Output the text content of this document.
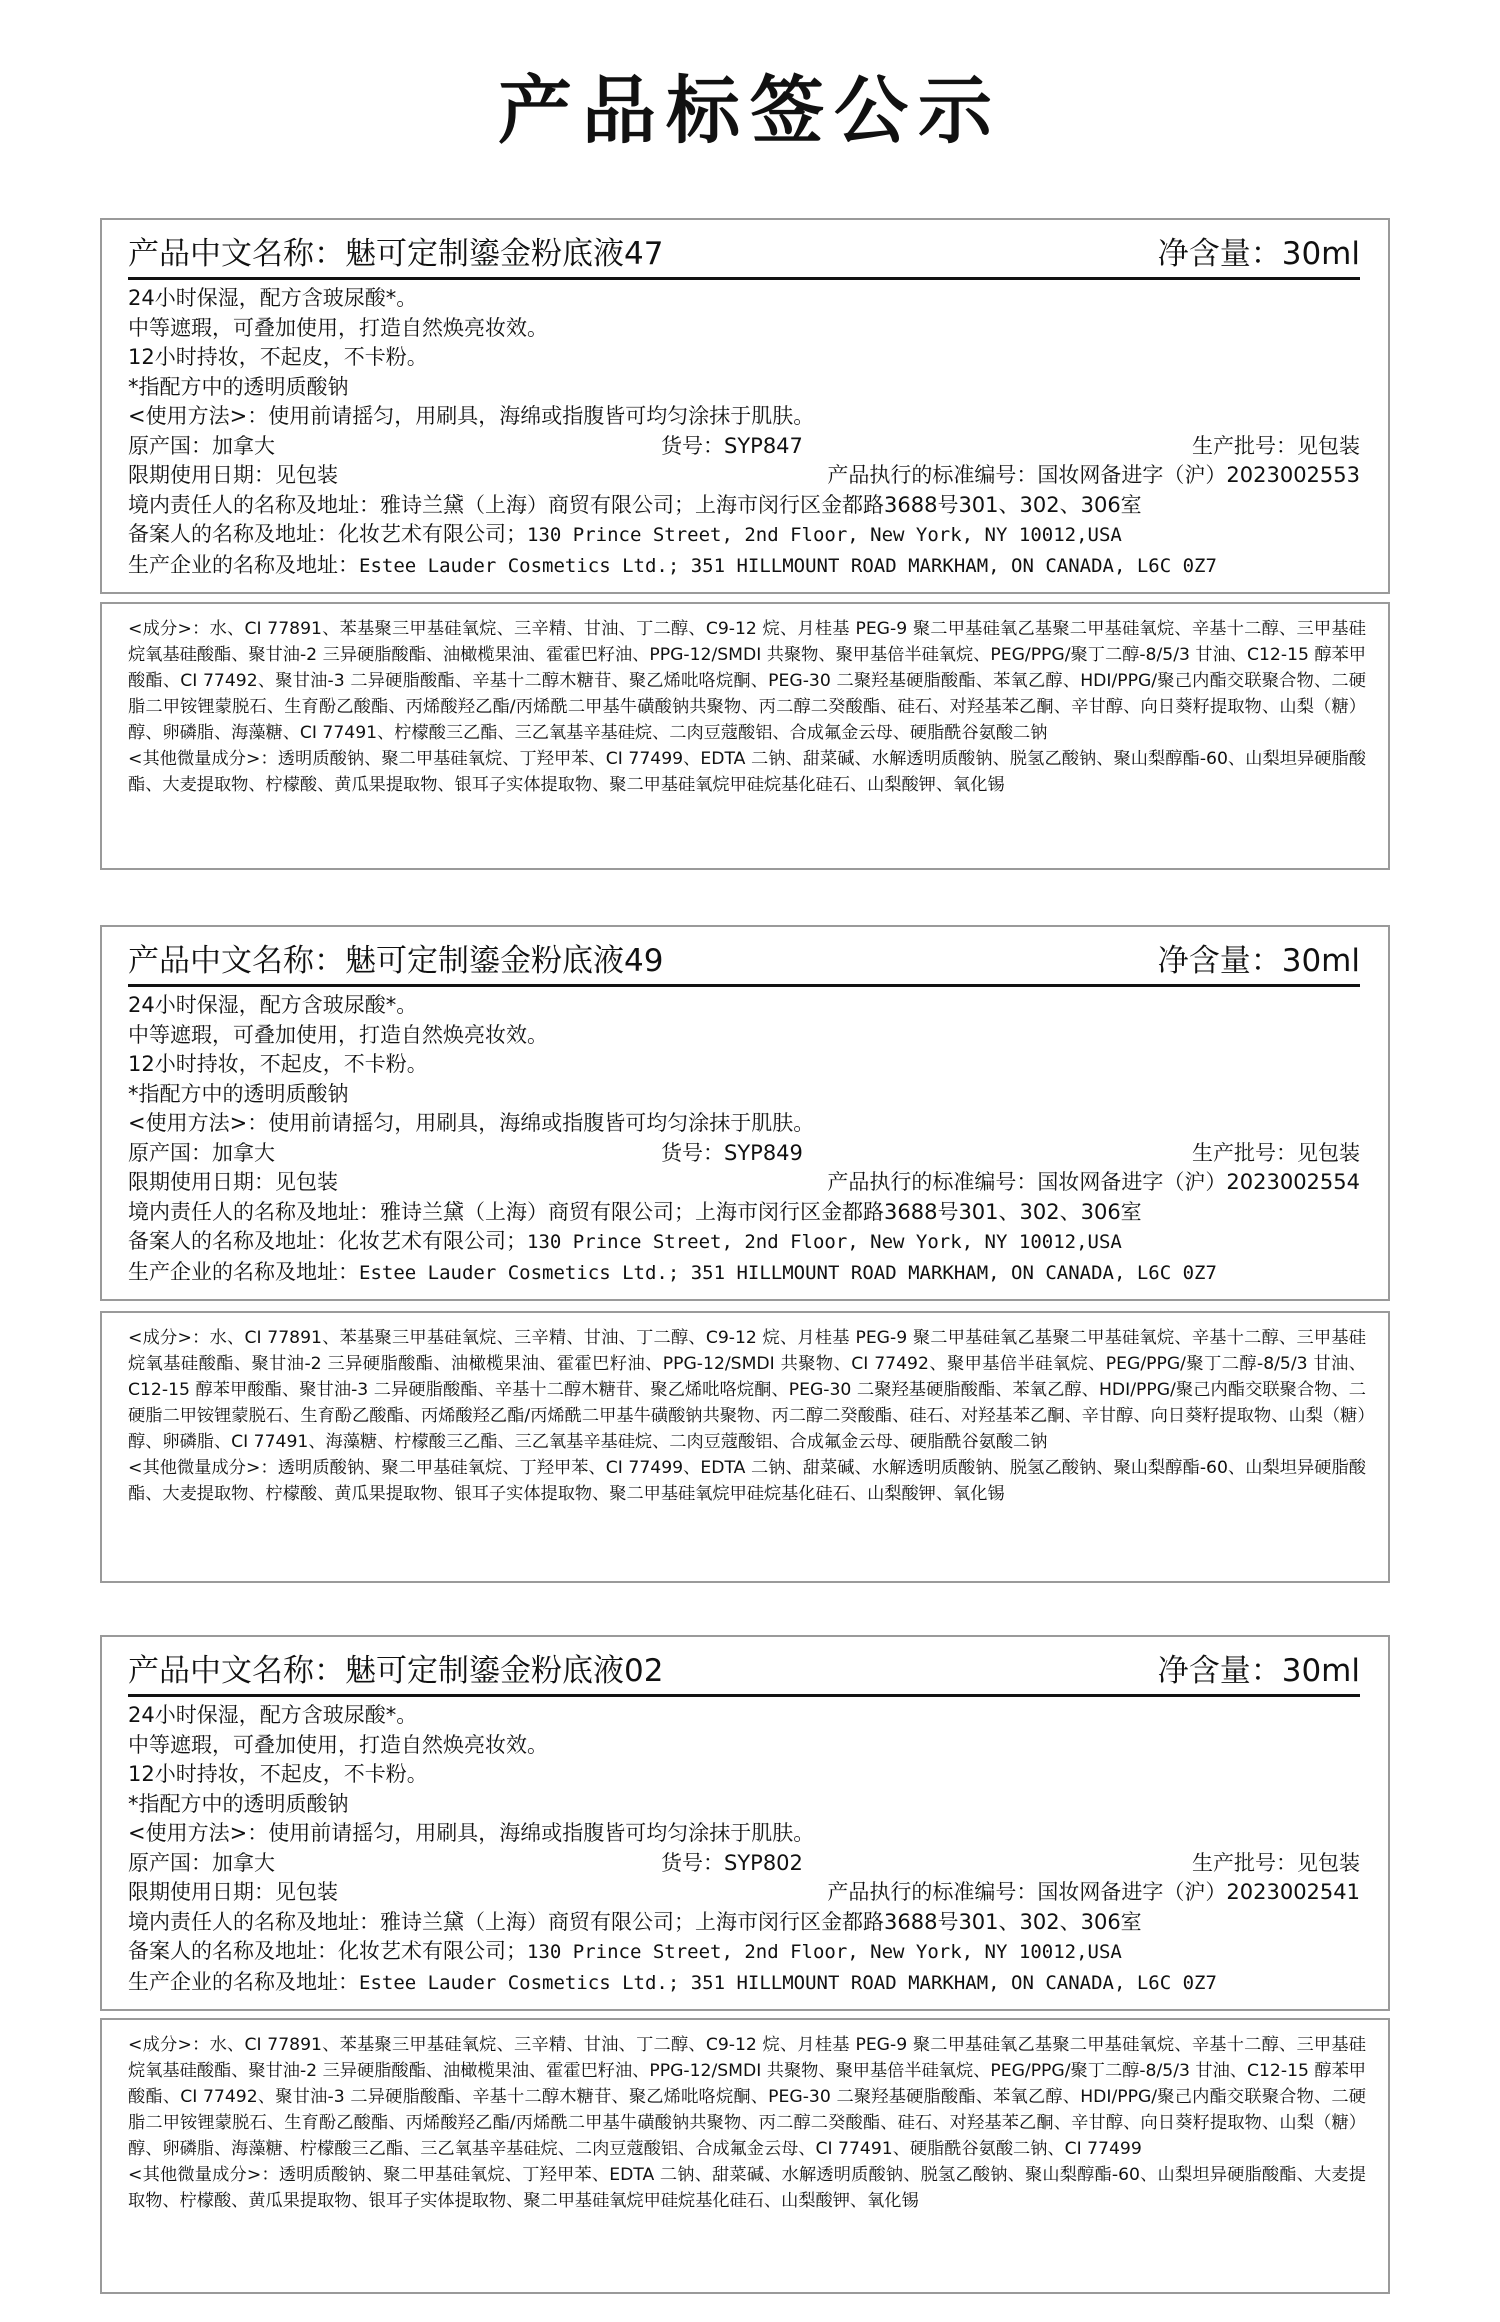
产品标签公示
产品中文名称：魅可定制鎏金粉底液47	净含量：30ml
24小时保湿，配方含玻尿酸*。
中等遮瑕，可叠加使用，打造自然焕亮妆效。
12小时持妆，不起皮，不卡粉。
*指配方中的透明质酸钠
<使用方法>：使用前请摇匀，用刷具，海绵或指腹皆可均匀涂抹于肌肤。
原产国：加拿大	货号：SYP847	生产批号：见包装
限期使用日期：见包装	产品执行的标准编号：国妆网备进字（沪）2023002553
境内责任人的名称及地址：雅诗兰黛（上海）商贸有限公司；上海市闵行区金都路3688号301、302、306室
备案人的名称及地址：化妆艺术有限公司；130 Prince Street, 2nd Floor, New York, NY 10012,USA
生产企业的名称及地址：Estee Lauder Cosmetics Ltd.; 351 HILLMOUNT ROAD MARKHAM, ON CANADA, L6C 0Z7

<成分>：水、CI 77891、苯基聚三甲基硅氧烷、三辛精、甘油、丁二醇、C9-12 烷、月桂基 PEG-9 聚二甲基硅氧乙基聚二甲基硅氧烷、辛基十二醇、三甲基硅烷氧基硅酸酯、聚甘油-2 三异硬脂酸酯、油橄榄果油、霍霍巴籽油、PPG-12/SMDI 共聚物、聚甲基倍半硅氧烷、PEG/PPG/聚丁二醇-8/5/3 甘油、C12-15 醇苯甲酸酯、CI 77492、聚甘油-3 二异硬脂酸酯、辛基十二醇木糖苷、聚乙烯吡咯烷酮、PEG-30 二聚羟基硬脂酸酯、苯氧乙醇、HDI/PPG/聚己内酯交联聚合物、二硬脂二甲铵锂蒙脱石、生育酚乙酸酯、丙烯酸羟乙酯/丙烯酰二甲基牛磺酸钠共聚物、丙二醇二癸酸酯、硅石、对羟基苯乙酮、辛甘醇、向日葵籽提取物、山梨（糖）醇、卵磷脂、海藻糖、CI 77491、柠檬酸三乙酯、三乙氧基辛基硅烷、二肉豆蔻酸铝、合成氟金云母、硬脂酰谷氨酸二钠

<其他微量成分>：透明质酸钠、聚二甲基硅氧烷、丁羟甲苯、CI 77499、EDTA 二钠、甜菜碱、水解透明质酸钠、脱氢乙酸钠、聚山梨醇酯-60、山梨坦异硬脂酸酯、大麦提取物、柠檬酸、黄瓜果提取物、银耳子实体提取物、聚二甲基硅氧烷甲硅烷基化硅石、山梨酸钾、氧化锡

产品中文名称：魅可定制鎏金粉底液49	净含量：30ml
24小时保湿，配方含玻尿酸*。
中等遮瑕，可叠加使用，打造自然焕亮妆效。
12小时持妆，不起皮，不卡粉。
*指配方中的透明质酸钠
<使用方法>：使用前请摇匀，用刷具，海绵或指腹皆可均匀涂抹于肌肤。
原产国：加拿大	货号：SYP849	生产批号：见包装
限期使用日期：见包装	产品执行的标准编号：国妆网备进字（沪）2023002554
境内责任人的名称及地址：雅诗兰黛（上海）商贸有限公司；上海市闵行区金都路3688号301、302、306室
备案人的名称及地址：化妆艺术有限公司；130 Prince Street, 2nd Floor, New York, NY 10012,USA
生产企业的名称及地址：Estee Lauder Cosmetics Ltd.; 351 HILLMOUNT ROAD MARKHAM, ON CANADA, L6C 0Z7

<成分>：水、CI 77891、苯基聚三甲基硅氧烷、三辛精、甘油、丁二醇、C9-12 烷、月桂基 PEG-9 聚二甲基硅氧乙基聚二甲基硅氧烷、辛基十二醇、三甲基硅烷氧基硅酸酯、聚甘油-2 三异硬脂酸酯、油橄榄果油、霍霍巴籽油、PPG-12/SMDI 共聚物、CI 77492、聚甲基倍半硅氧烷、PEG/PPG/聚丁二醇-8/5/3 甘油、C12-15 醇苯甲酸酯、聚甘油-3 二异硬脂酸酯、辛基十二醇木糖苷、聚乙烯吡咯烷酮、PEG-30 二聚羟基硬脂酸酯、苯氧乙醇、HDI/PPG/聚己内酯交联聚合物、二硬脂二甲铵锂蒙脱石、生育酚乙酸酯、丙烯酸羟乙酯/丙烯酰二甲基牛磺酸钠共聚物、丙二醇二癸酸酯、硅石、对羟基苯乙酮、辛甘醇、向日葵籽提取物、山梨（糖）醇、卵磷脂、CI 77491、海藻糖、柠檬酸三乙酯、三乙氧基辛基硅烷、二肉豆蔻酸铝、合成氟金云母、硬脂酰谷氨酸二钠

<其他微量成分>：透明质酸钠、聚二甲基硅氧烷、丁羟甲苯、CI 77499、EDTA 二钠、甜菜碱、水解透明质酸钠、脱氢乙酸钠、聚山梨醇酯-60、山梨坦异硬脂酸酯、大麦提取物、柠檬酸、黄瓜果提取物、银耳子实体提取物、聚二甲基硅氧烷甲硅烷基化硅石、山梨酸钾、氧化锡

产品中文名称：魅可定制鎏金粉底液02	净含量：30ml
24小时保湿，配方含玻尿酸*。
中等遮瑕，可叠加使用，打造自然焕亮妆效。
12小时持妆，不起皮，不卡粉。
*指配方中的透明质酸钠
<使用方法>：使用前请摇匀，用刷具，海绵或指腹皆可均匀涂抹于肌肤。
原产国：加拿大	货号：SYP802	生产批号：见包装
限期使用日期：见包装	产品执行的标准编号：国妆网备进字（沪）2023002541
境内责任人的名称及地址：雅诗兰黛（上海）商贸有限公司；上海市闵行区金都路3688号301、302、306室
备案人的名称及地址：化妆艺术有限公司；130 Prince Street, 2nd Floor, New York, NY 10012,USA
生产企业的名称及地址：Estee Lauder Cosmetics Ltd.; 351 HILLMOUNT ROAD MARKHAM, ON CANADA, L6C 0Z7

<成分>：水、CI 77891、苯基聚三甲基硅氧烷、三辛精、甘油、丁二醇、C9-12 烷、月桂基 PEG-9 聚二甲基硅氧乙基聚二甲基硅氧烷、辛基十二醇、三甲基硅烷氧基硅酸酯、聚甘油-2 三异硬脂酸酯、油橄榄果油、霍霍巴籽油、PPG-12/SMDI 共聚物、聚甲基倍半硅氧烷、PEG/PPG/聚丁二醇-8/5/3 甘油、C12-15 醇苯甲酸酯、CI 77492、聚甘油-3 二异硬脂酸酯、辛基十二醇木糖苷、聚乙烯吡咯烷酮、PEG-30 二聚羟基硬脂酸酯、苯氧乙醇、HDI/PPG/聚己内酯交联聚合物、二硬脂二甲铵锂蒙脱石、生育酚乙酸酯、丙烯酸羟乙酯/丙烯酰二甲基牛磺酸钠共聚物、丙二醇二癸酸酯、硅石、对羟基苯乙酮、辛甘醇、向日葵籽提取物、山梨（糖）醇、卵磷脂、海藻糖、柠檬酸三乙酯、三乙氧基辛基硅烷、二肉豆蔻酸铝、合成氟金云母、CI 77491、硬脂酰谷氨酸二钠、CI 77499

<其他微量成分>：透明质酸钠、聚二甲基硅氧烷、丁羟甲苯、EDTA 二钠、甜菜碱、水解透明质酸钠、脱氢乙酸钠、聚山梨醇酯-60、山梨坦异硬脂酸酯、大麦提取物、柠檬酸、黄瓜果提取物、银耳子实体提取物、聚二甲基硅氧烷甲硅烷基化硅石、山梨酸钾、氧化锡
